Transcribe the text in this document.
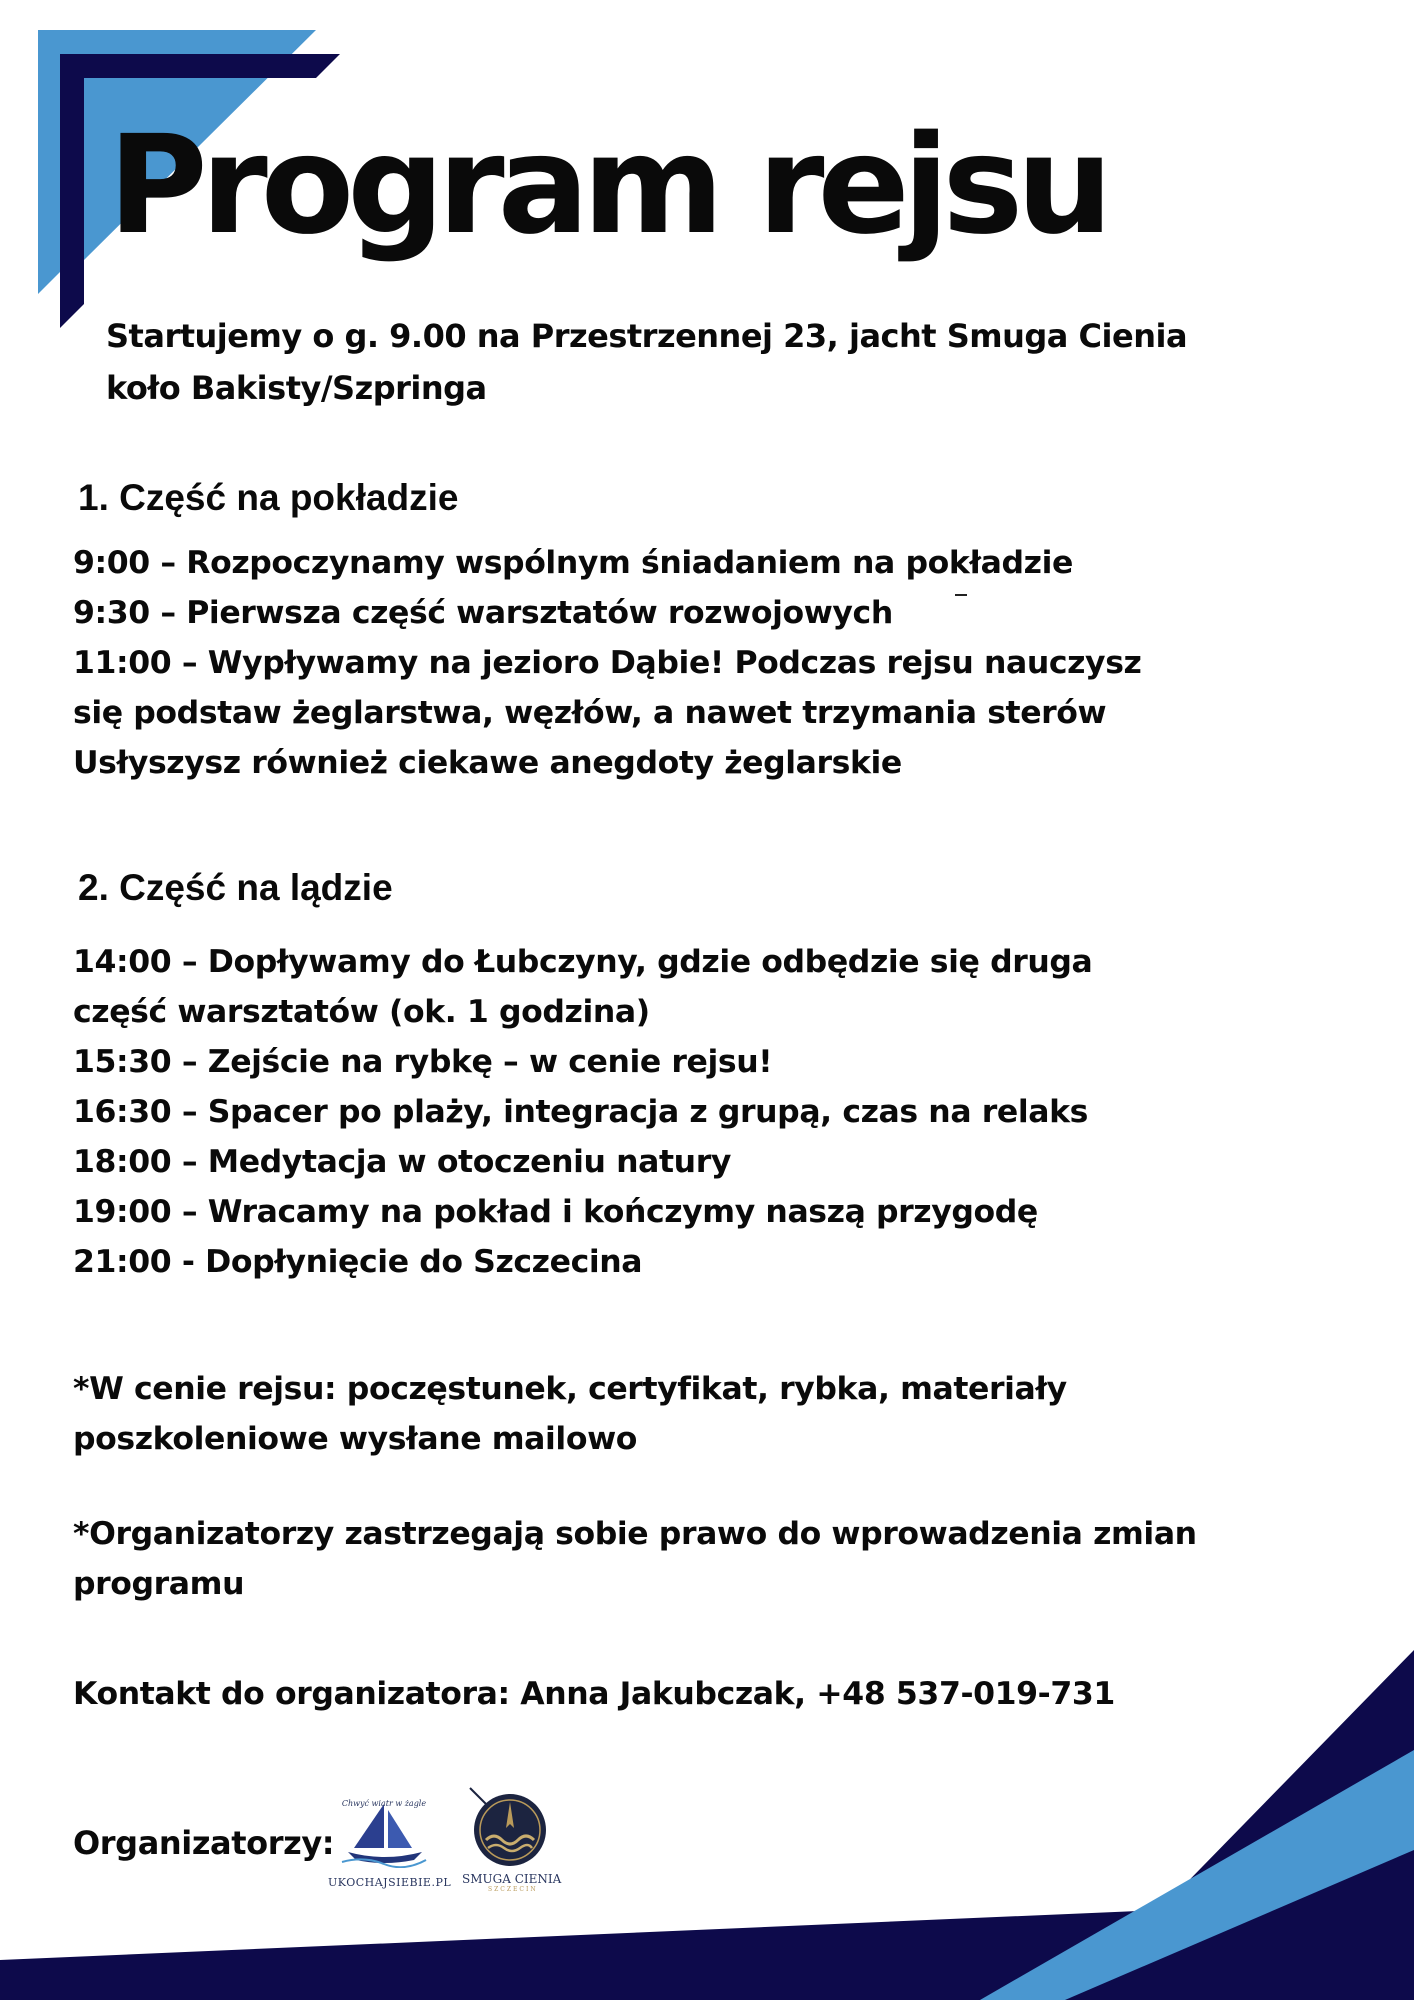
Program rejsu

Startujemy o g. 9.00 na Przestrzennej 23, jacht Smuga Cienia
koło Bakisty/Szpringa

1. Część na pokładzie
9:00 – Rozpoczynamy wspólnym śniadaniem na pokładzie
9:30 – Pierwsza część warsztatów rozwojowych
11:00 – Wypływamy na jezioro Dąbie! Podczas rejsu nauczysz
się podstaw żeglarstwa, węzłów, a nawet trzymania sterów
Usłyszysz również ciekawe anegdoty żeglarskie
2. Część na lądzie
14:00 – Dopływamy do Łubczyny, gdzie odbędzie się druga
część warsztatów (ok. 1 godzina)
15:30 – Zejście na rybkę – w cenie rejsu!
16:30 – Spacer po plaży, integracja z grupą, czas na relaks
18:00 – Medytacja w otoczeniu natury
19:00 – Wracamy na pokład i kończymy naszą przygodę
21:00 - Dopłynięcie do Szczecina

*W cenie rejsu: poczęstunek, certyfikat, rybka, materiały poszkoleniowe wysłane mailowo

*Organizatorzy zastrzegają sobie prawo do wprowadzenia zmian programu

Kontakt do organizatora: Anna Jakubczak, +48 537-019-731

Organizatorzy:
Chwyć wiatr w żagle
UKOCHAJSIEBIE.PL SMUGA CIENIA
SZCZECIN
